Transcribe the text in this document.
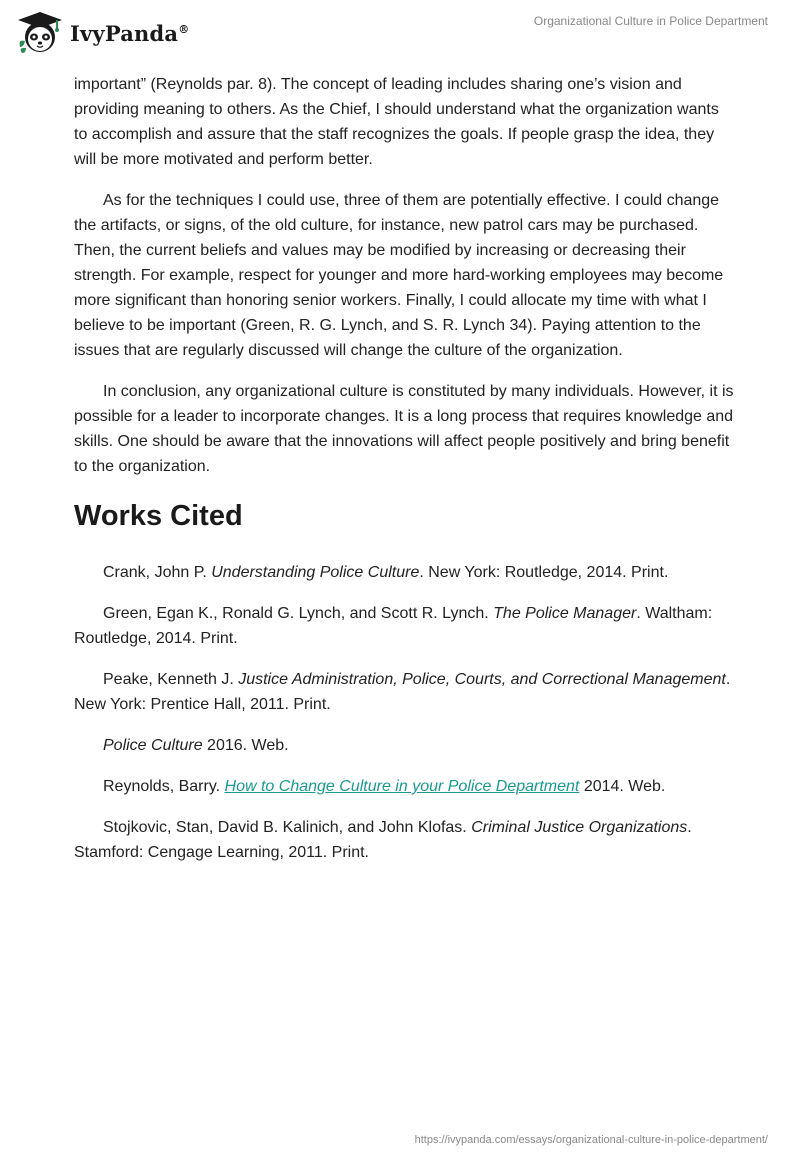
IvyPanda®
Organizational Culture in Police Department

important” (Reynolds par. 8). The concept of leading includes sharing one’s vision and providing meaning to others. As the Chief, I should understand what the organization wants to accomplish and assure that the staff recognizes the goals. If people grasp the idea, they will be more motivated and perform better.

As for the techniques I could use, three of them are potentially effective. I could change the artifacts, or signs, of the old culture, for instance, new patrol cars may be purchased. Then, the current beliefs and values may be modified by increasing or decreasing their strength. For example, respect for younger and more hard-working employees may become more significant than honoring senior workers. Finally, I could allocate my time with what I believe to be important (Green, R. G. Lynch, and S. R. Lynch 34). Paying attention to the issues that are regularly discussed will change the culture of the organization.

In conclusion, any organizational culture is constituted by many individuals. However, it is possible for a leader to incorporate changes. It is a long process that requires knowledge and skills. One should be aware that the innovations will affect people positively and bring benefit to the organization.

Works Cited

Crank, John P. Understanding Police Culture. New York: Routledge, 2014. Print.

Green, Egan K., Ronald G. Lynch, and Scott R. Lynch. The Police Manager. Waltham: Routledge, 2014. Print.

Peake, Kenneth J. Justice Administration, Police, Courts, and Correctional Management. New York: Prentice Hall, 2011. Print.

Police Culture 2016. Web.

Reynolds, Barry. How to Change Culture in your Police Department 2014. Web.

Stojkovic, Stan, David B. Kalinich, and John Klofas. Criminal Justice Organizations. Stamford: Cengage Learning, 2011. Print.

https://ivypanda.com/essays/organizational-culture-in-police-department/
